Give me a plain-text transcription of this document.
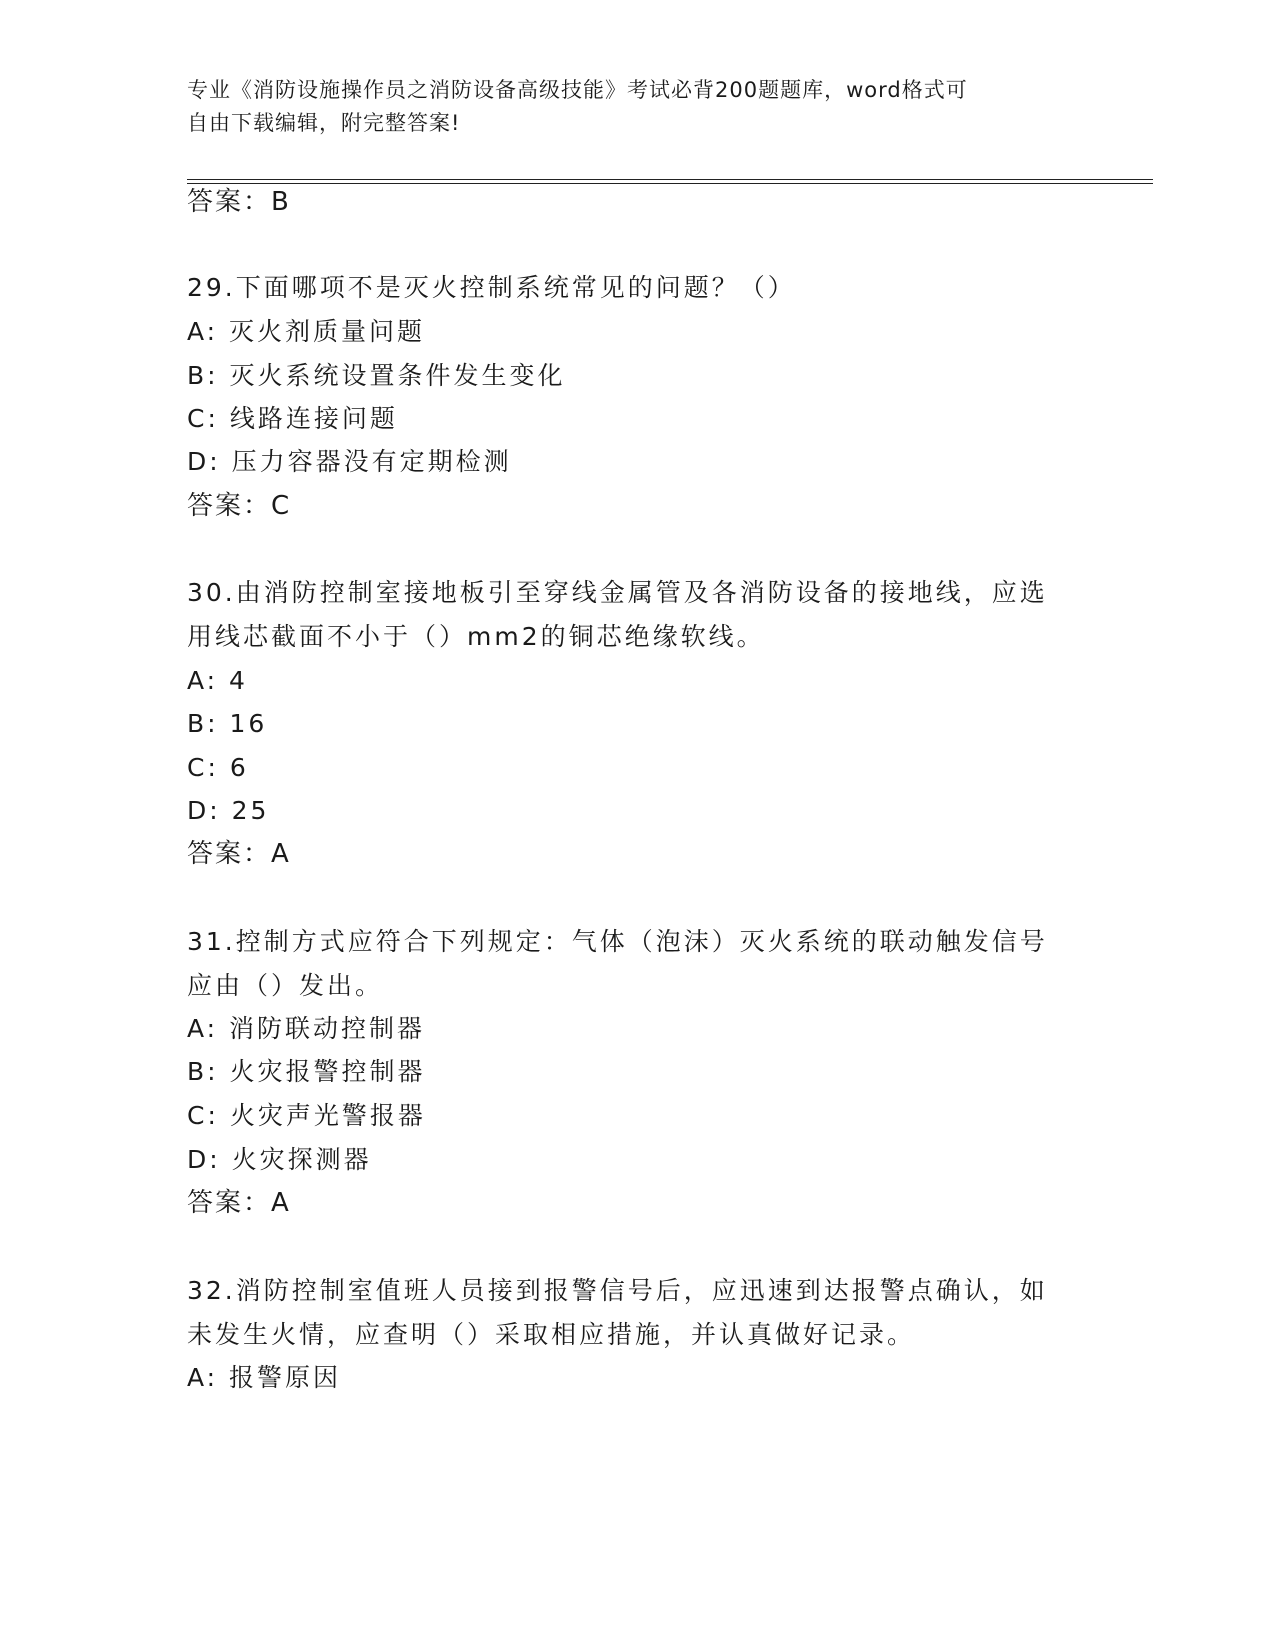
专业《消防设施操作员之消防设备高级技能》考试必背200题题库，word格式可
自由下载编辑，附完整答案!
答案：B
29.下面哪项不是灭火控制系统常见的问题？（）
A: 灭火剂质量问题
B: 灭火系统设置条件发生变化
C: 线路连接问题
D: 压力容器没有定期检测
答案：C
30.由消防控制室接地板引至穿线金属管及各消防设备的接地线，应选
用线芯截面不小于（）mm2的铜芯绝缘软线。
A: 4
B: 16
C: 6
D: 25
答案：A
31.控制方式应符合下列规定：气体（泡沫）灭火系统的联动触发信号
应由（）发出。
A: 消防联动控制器
B: 火灾报警控制器
C: 火灾声光警报器
D: 火灾探测器
答案：A
32.消防控制室值班人员接到报警信号后，应迅速到达报警点确认，如
未发生火情，应查明（）采取相应措施，并认真做好记录。
A: 报警原因
